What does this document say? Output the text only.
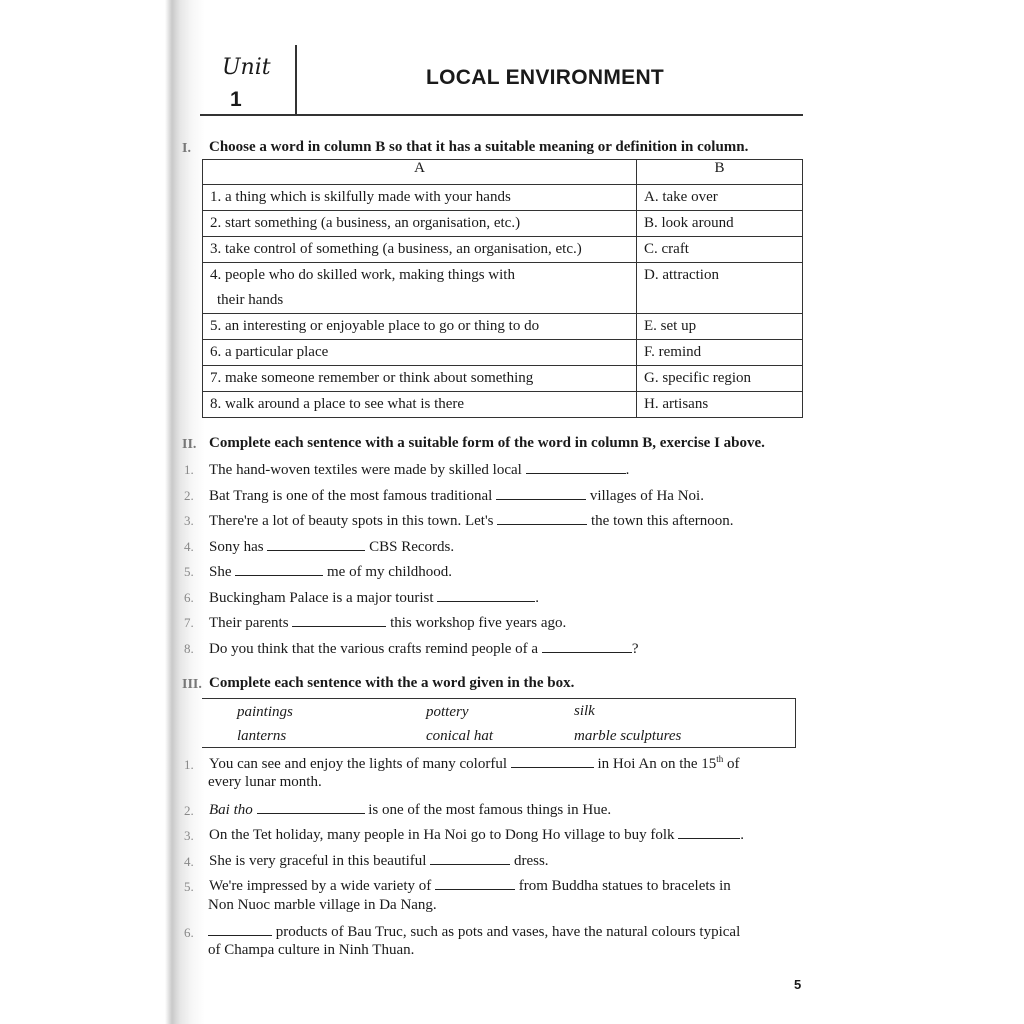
Unit
1
LOCAL ENVIRONMENT
I. Choose a word in column B so that it has a suitable meaning or definition in column.
A	B
1. a thing which is skilfully made with your hands	A. take over
2. start something (a business, an organisation, etc.)	B. look around
3. take control of something (a business, an organisation, etc.)	C. craft

4. people who do skilled work, making things with
their hands	D. attraction
5. an interesting or enjoyable place to go or thing to do	E. set up
6. a particular place	F. remind
7. make someone remember or think about something	G. specific region
8. walk around a place to see what is there	H. artisans
II. Complete each sentence with a suitable form of the word in column B, exercise I above.
1. The hand-woven textiles were made by skilled local	.
2. Bat Trang is one of the most famous traditional	villages of Ha Noi.
3. There're a lot of beauty spots in this town. Let's	the town this afternoon.
4. Sony has	CBS Records.
5. She	me of my childhood.
6. Buckingham Palace is a major tourist	.
7. Their parents	this workshop five years ago.
8. Do you think that the various crafts remind people of a	?
III. Complete each sentence with the a word given in the box.
paintings	pottery	silk
lanterns	conical hat	marble sculptures
1. You can see and enjoy the lights of many colorful	in Hoi An on the 15th of
every lunar month.
2. Bai tho	is one of the most famous things in Hue.
3. On the Tet holiday, many people in Ha Noi go to Dong Ho village to buy folk	.
4. She is very graceful in this beautiful	dress.
5. We're impressed by a wide variety of	from Buddha statues to bracelets in
Non Nuoc marble village in Da Nang.
6.	products of Bau Truc, such as pots and vases, have the natural colours typical
of Champa culture in Ninh Thuan.
5
